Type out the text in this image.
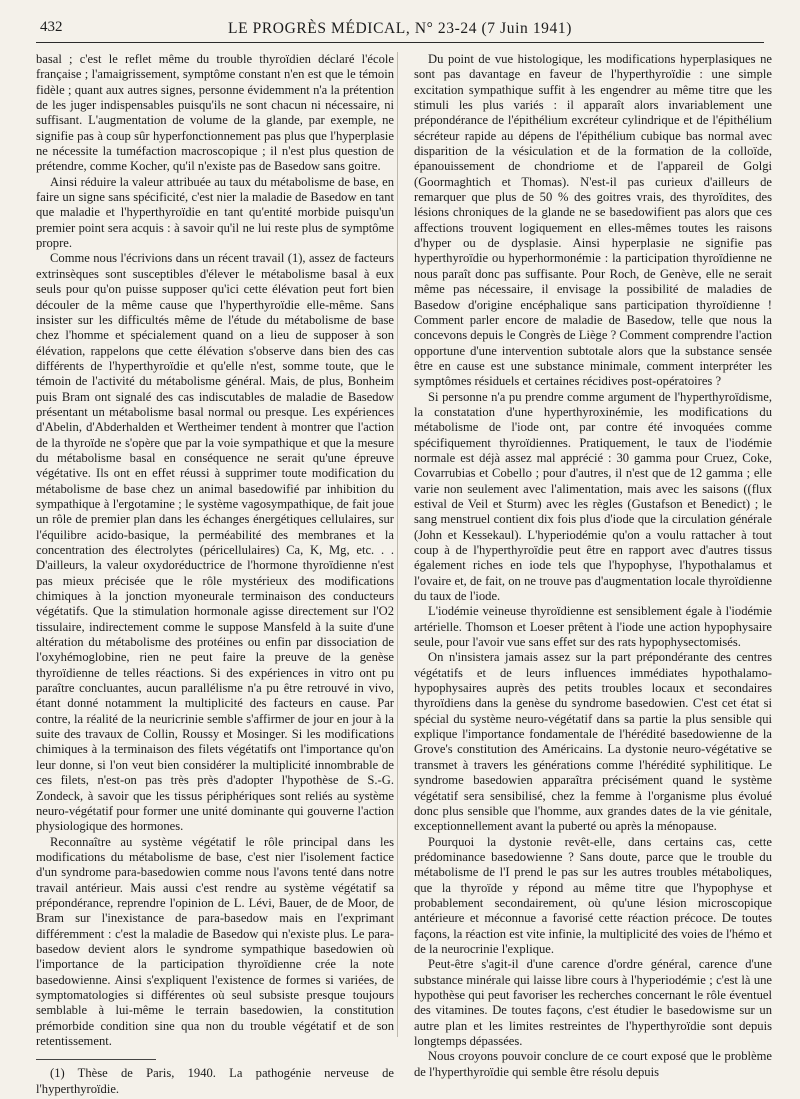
432	LE PROGRÈS MÉDICAL, N° 23-24 (7 Juin 1941)

basal ; c'est le reflet même du trouble thyroïdien déclaré l'école française ; l'amaigrissement, symptôme constant n'en est que le témoin fidèle ; quant aux autres signes, personne évidemment n'a la prétention de les juger indispensables puisqu'ils ne sont chacun ni nécessaire, ni suffisant. L'augmentation de volume de la glande, par exemple, ne signifie pas à coup sûr hyperfonctionnement pas plus que l'hyperplasie ne nécessite la tuméfaction macroscopique ; il n'est plus question de prétendre, comme Kocher, qu'il n'existe pas de Basedow sans goitre.

Ainsi réduire la valeur attribuée au taux du métabolisme de base, en faire un signe sans spécificité, c'est nier la maladie de Basedow en tant que maladie et l'hyperthyroïdie en tant qu'entité morbide puisqu'un premier point sera acquis : à savoir qu'il ne lui reste plus de symptôme propre.

Comme nous l'écrivions dans un récent travail (1), assez de facteurs extrinsèques sont susceptibles d'élever le métabolisme basal à eux seuls pour qu'on puisse supposer qu'ici cette élévation peut fort bien découler de la même cause que l'hyperthyroïdie elle-même. Sans insister sur les difficultés même de l'étude du métabolisme de base chez l'homme et spécialement quand on a lieu de supposer à son élévation, rappelons que cette élévation s'observe dans bien des cas différents de l'hyperthyroïdie et qu'elle n'est, somme toute, que le témoin de l'activité du métabolisme général. Mais, de plus, Bonheim puis Bram ont signalé des cas indiscutables de maladie de Basedow présentant un métabolisme basal normal ou presque. Les expériences d'Abelin, d'Abderhalden et Wertheimer tendent à montrer que l'action de la thyroïde ne s'opère que par la voie sympathique et que la mesure du métabolisme basal en conséquence ne serait qu'une épreuve végétative. Ils ont en effet réussi à supprimer toute modification du métabolisme de base chez un animal basedowifié par inhibition du sympathique à l'ergotamine ; le système vagosympathique, de fait joue un rôle de premier plan dans les échanges énergétiques cellulaires, sur l'équilibre acido-basique, la perméabilité des membranes et la concentration des électrolytes (péricellulaires) Ca, K, Mg, etc. . . D'ailleurs, la valeur oxydoréductrice de l'hormone thyroïdienne n'est pas mieux précisée que le rôle mystérieux des modifications chimiques à la jonction myoneurale terminaison des conducteurs végétatifs. Que la stimulation hormonale agisse directement sur l'O2 tissulaire, indirectement comme le suppose Mansfeld à la suite d'une altération du métabolisme des protéines ou enfin par dissociation de l'oxyhémoglobine, rien ne peut faire la preuve de la genèse thyroïdienne de telles réactions. Si des expériences in vitro ont pu paraître concluantes, aucun parallélisme n'a pu être retrouvé in vivo, étant donné notamment la multiplicité des facteurs en cause. Par contre, la réalité de la neuricrinie semble s'affirmer de jour en jour à la suite des travaux de Collin, Roussy et Mosinger. Si les modifications chimiques à la terminaison des filets végétatifs ont l'importance qu'on leur donne, si l'on veut bien considérer la multiplicité innombrable de ces filets, n'est-on pas très près d'adopter l'hypothèse de S.-G. Zondeck, à savoir que les tissus périphériques sont reliés au système neuro-végétatif pour former une unité dominante qui gouverne l'action physiologique des hormones.

Reconnaître au système végétatif le rôle principal dans les modifications du métabolisme de base, c'est nier l'isolement factice d'un syndrome para-basedowien comme nous l'avons tenté dans notre travail antérieur. Mais aussi c'est rendre au système végétatif sa prépondérance, reprendre l'opinion de L. Lévi, Bauer, de de Moor, de Bram sur l'inexistance de para-basedow mais en l'exprimant différemment : c'est la maladie de Basedow qui n'existe plus. Le para-basedow devient alors le syndrome sympathique basedowien où l'importance de la participation thyroïdienne crée la note basedowienne. Ainsi s'expliquent l'existence de formes si variées, de symptomatologies si différentes où seul subsiste presque toujours semblable à lui-même le terrain basedowien, la constitution prémorbide condition sine qua non du trouble végétatif et de son retentissement.

(1) Thèse de Paris, 1940. La pathogénie nerveuse de l'hyperthyroïdie.

Du point de vue histologique, les modifications hyperplasiques ne sont pas davantage en faveur de l'hyperthyroïdie : une simple excitation sympathique suffit à les engendrer au même titre que les stimuli les plus variés : il apparaît alors invariablement une prépondérance de l'épithélium excréteur cylindrique et de l'épithélium sécréteur rapide au dépens de l'épithélium cubique bas normal avec disparition de la vésiculation et de la formation de la colloïde, épanouissement de chondriome et de l'appareil de Golgi (Goormaghtich et Thomas). N'est-il pas curieux d'ailleurs de remarquer que plus de 50 % des goitres vrais, des thyroïdites, des lésions chroniques de la glande ne se basedowifient pas alors que ces affections trouvent logiquement en elles-mêmes toutes les raisons d'hyper ou de dysplasie. Ainsi hyperplasie ne signifie pas hyperthyroïdie ou hyperhormonémie : la participation thyroïdienne ne nous paraît donc pas suffisante. Pour Roch, de Genève, elle ne serait même pas nécessaire, il envisage la possibilité de maladies de Basedow d'origine encéphalique sans participation thyroïdienne ! Comment parler encore de maladie de Basedow, telle que nous la concevons depuis le Congrès de Liège ? Comment comprendre l'action opportune d'une intervention subtotale alors que la substance sensée être en cause est une substance minimale, comment interpréter les symptômes résiduels et certaines récidives post-opératoires ?

Si personne n'a pu prendre comme argument de l'hyperthyroïdisme, la constatation d'une hyperthyroxinémie, les modifications du métabolisme de l'iode ont, par contre été invoquées comme spécifiquement thyroïdiennes. Pratiquement, le taux de l'iodémie normale est déjà assez mal apprécié : 30 gamma pour Cruez, Coke, Covarrubias et Cobello ; pour d'autres, il n'est que de 12 gamma ; elle varie non seulement avec l'alimentation, mais avec les saisons ((flux estival de Veil et Sturm) avec les règles (Gustafson et Benedict) ; le sang menstruel contient dix fois plus d'iode que la circulation générale (John et Kessekaul). L'hyperiodémie qu'on a voulu rattacher à tout coup à de l'hyperthyroïdie peut être en rapport avec d'autres tissus également riches en iode tels que l'hypophyse, l'hypothalamus et l'ovaire et, de fait, on ne trouve pas d'augmentation locale thyroïdienne du taux de l'iode.

L'iodémie veineuse thyroïdienne est sensiblement égale à l'iodémie artérielle. Thomson et Loeser prêtent à l'iode une action hypophysaire seule, pour l'avoir vue sans effet sur des rats hypophysectomisés.

On n'insistera jamais assez sur la part prépondérante des centres végétatifs et de leurs influences immédiates hypothalamo-hypophysaires auprès des petits troubles locaux et secondaires thyroïdiens dans la genèse du syndrome basedowien. C'est cet état si spécial du système neuro-végétatif dans sa partie la plus sensible qui explique l'importance fondamentale de l'hérédité basedowienne de la Grove's constitution des Américains. La dystonie neuro-végétative se transmet à travers les générations comme l'hérédité syphilitique. Le syndrome basedowien apparaîtra précisément quand le système végétatif sera sensibilisé, chez la femme à l'organisme plus évolué donc plus sensible que l'homme, aux grandes dates de la vie génitale, exceptionnellement avant la puberté ou après la ménopause.

Pourquoi la dystonie revêt-elle, dans certains cas, cette prédominance basedowienne ? Sans doute, parce que le trouble du métabolisme de l'I prend le pas sur les autres troubles métaboliques, que la thyroïde y répond au même titre que l'hypophyse et probablement secondairement, où qu'une lésion microscopique antérieure et méconnue a favorisé cette réaction précoce. De toutes façons, la réaction est vite infinie, la multiplicité des voies de l'hémo et de la neurocrinie l'explique.

Peut-être s'agit-il d'une carence d'ordre général, carence d'une substance minérale qui laisse libre cours à l'hyperiodémie ; c'est là une hypothèse qui peut favoriser les recherches concernant le rôle éventuel des vitamines. De toutes façons, c'est étudier le basedowisme sur un autre plan et les limites restreintes de l'hyperthyroïdie sont depuis longtemps dépassées.

Nous croyons pouvoir conclure de ce court exposé que le problème de l'hyperthyroïdie qui semble être résolu depuis
